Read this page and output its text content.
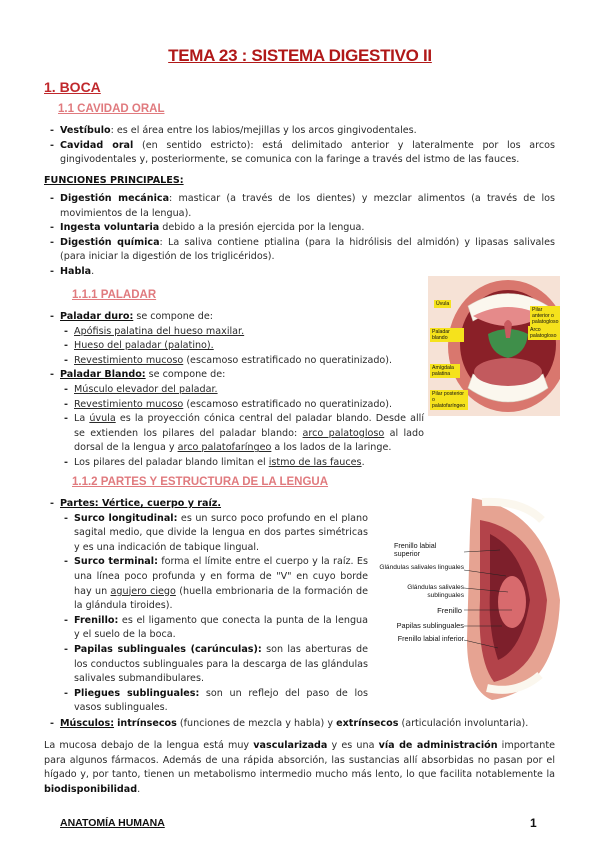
TEMA 23 : SISTEMA DIGESTIVO II
1. BOCA
1.1 CAVIDAD ORAL
- Vestíbulo: es el área entre los labios/mejillas y los arcos gingivodentales.
- Cavidad oral (en sentido estricto): está delimitado anterior y lateralmente por los arcos gingivodentales y, posteriormente, se comunica con la faringe a través del istmo de las fauces.
FUNCIONES PRINCIPALES:
- Digestión mecánica: masticar (a través de los dientes) y mezclar alimentos (a través de los movimientos de la lengua).
- Ingesta voluntaria debido a la presión ejercida por la lengua.
- Digestión química: La saliva contiene ptialina (para la hidrólisis del almidón) y lipasas salivales (para iniciar la digestión de los triglicéridos).
- Habla.
1.1.1 PALADAR
- Paladar duro: se compone de:
- Apófisis palatina del hueso maxilar.
- Hueso del paladar (palatino).
- Revestimiento mucoso (escamoso estratificado no queratinizado).
- Paladar Blando: se compone de:
- Músculo elevador del paladar.
- Revestimiento mucoso (escamoso estratificado no queratinizado).
- La úvula es la proyección cónica central del paladar blando. Desde allí se extienden los pilares del paladar blando: arco palatogloso al lado dorsal de la lengua y arco palatofaríngeo a los lados de la laringe.
- Los pilares del paladar blando limitan el istmo de las fauces.
Úvula
Pilar anterior o palatogloso
Paladar blando
Arco palatogloso
Amígdala palatina
Pilar posterior o palatofaríngeo
1.1.2 PARTES Y ESTRUCTURA DE LA LENGUA
- Partes: Vértice, cuerpo y raíz.
- Surco longitudinal: es un surco poco profundo en el plano sagital medio, que divide la lengua en dos partes simétricas y es una indicación de tabique lingual.
- Surco terminal: forma el límite entre el cuerpo y la raíz. Es una línea poco profunda y en forma de "V" en cuyo borde hay un agujero ciego (huella embrionaria de la formación de la glándula tiroides).
- Frenillo: es el ligamento que conecta la punta de la lengua y el suelo de la boca.
- Papilas sublinguales (carúnculas): son las aberturas de los conductos sublinguales para la descarga de las glándulas salivales submandibulares.
- Pliegues sublinguales: son un reflejo del paso de los vasos sublinguales.
- Músculos: intrínsecos (funciones de mezcla y habla) y extrínsecos (articulación involuntaria).
Frenillo labial superior
Glándulas salivales linguales
Glándulas salivales sublinguales
Frenillo
Papilas sublinguales
Frenillo labial inferior
La mucosa debajo de la lengua está muy vascularizada y es una vía de administración importante para algunos fármacos. Además de una rápida absorción, las sustancias allí absorbidas no pasan por el hígado y, por tanto, tienen un metabolismo intermedio mucho más lento, lo que facilita notablemente la biodisponibilidad.
ANATOMÍA HUMANA	1
